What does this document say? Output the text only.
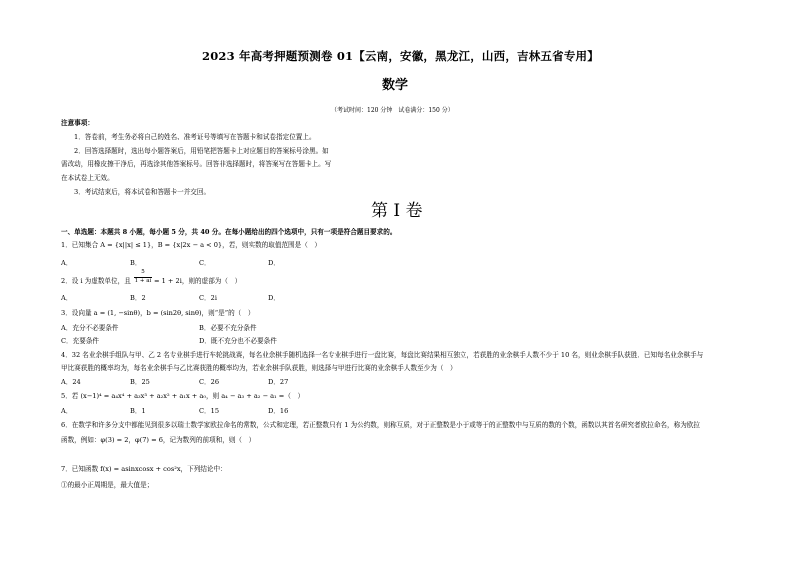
2023 年高考押题预测卷 01【云南，安徽，黑龙江，山西，吉林五省专用】
数学
（考试时间：120 分钟　试卷满分：150 分）
注意事项：
1．答卷前，考生务必将自己的姓名、准考证号等填写在答题卡和试卷指定位置上。
2．回答选择题时，选出每小题答案后，用铅笔把答题卡上对应题目的答案标号涂黑。如
需改动，用橡皮擦干净后，再选涂其他答案标号。回答非选择题时，将答案写在答题卡上。写
在本试卷上无效。
3．考试结束后，将本试卷和答题卡一并交回。
第 I 卷
一、单选题：本题共 8 小题，每小题 5 分，共 40 分。在每小题给出的四个选项中，只有一项是符合题目要求的。
1．已知集合 A = {x||x| ≤ 1}，B = {x|2x − a < 0}，若，则实数的取值范围是（　）
A．	B．	C．	D．
2．设 i 为虚数单位，且 $\frac{5}{1 + ai} = 1 + 2i$，则的虚部为（　）
A．	B．2	C．2i	D．
3．设向量 a = (1, −sinθ)，b = (sin2θ, sinθ)，则“是”的（　）
A．充分不必要条件	B．必要不充分条件
C．充要条件	D．既不充分也不必要条件
4．32 名业余棋手组队与甲、乙 2 名专业棋手进行车轮挑战赛，每名业余棋手随机选择一名专业棋手进行一盘比赛，每盘比赛结果相互独立，若获胜的业余棋手人数不少于 10 名，则业余棋手队获胜．已知每名业余棋手与
甲比赛获胜的概率均为，每名业余棋手与乙比赛获胜的概率均为，若业余棋手队获胜，则选择与甲进行比赛的业余棋手人数至少为（　）
A．24	B．25	C．26	D．27
5．若 (x−1)⁴ = a₄x⁴ + a₃x³ + a₂x² + a₁x + a₀，则 a₄ − a₃ + a₂ − a₁ =（　）
A．	B．1	C．15	D．16
6．在数学和许多分支中都能见到很多以瑞士数学家欧拉命名的常数，公式和定理，若正整数只有 1 为公约数，则称互质，对于正整数是小于或等于的正整数中与互质的数的个数，函数以其首名研究者欧拉命名，称为欧拉
函数，例如：φ(3) = 2，φ(7) = 6，记为数列的前项和，则（　）
7．已知函数 f(x) = asinxcosx + cos²x，下列结论中：
①的最小正周期是，最大值是；
